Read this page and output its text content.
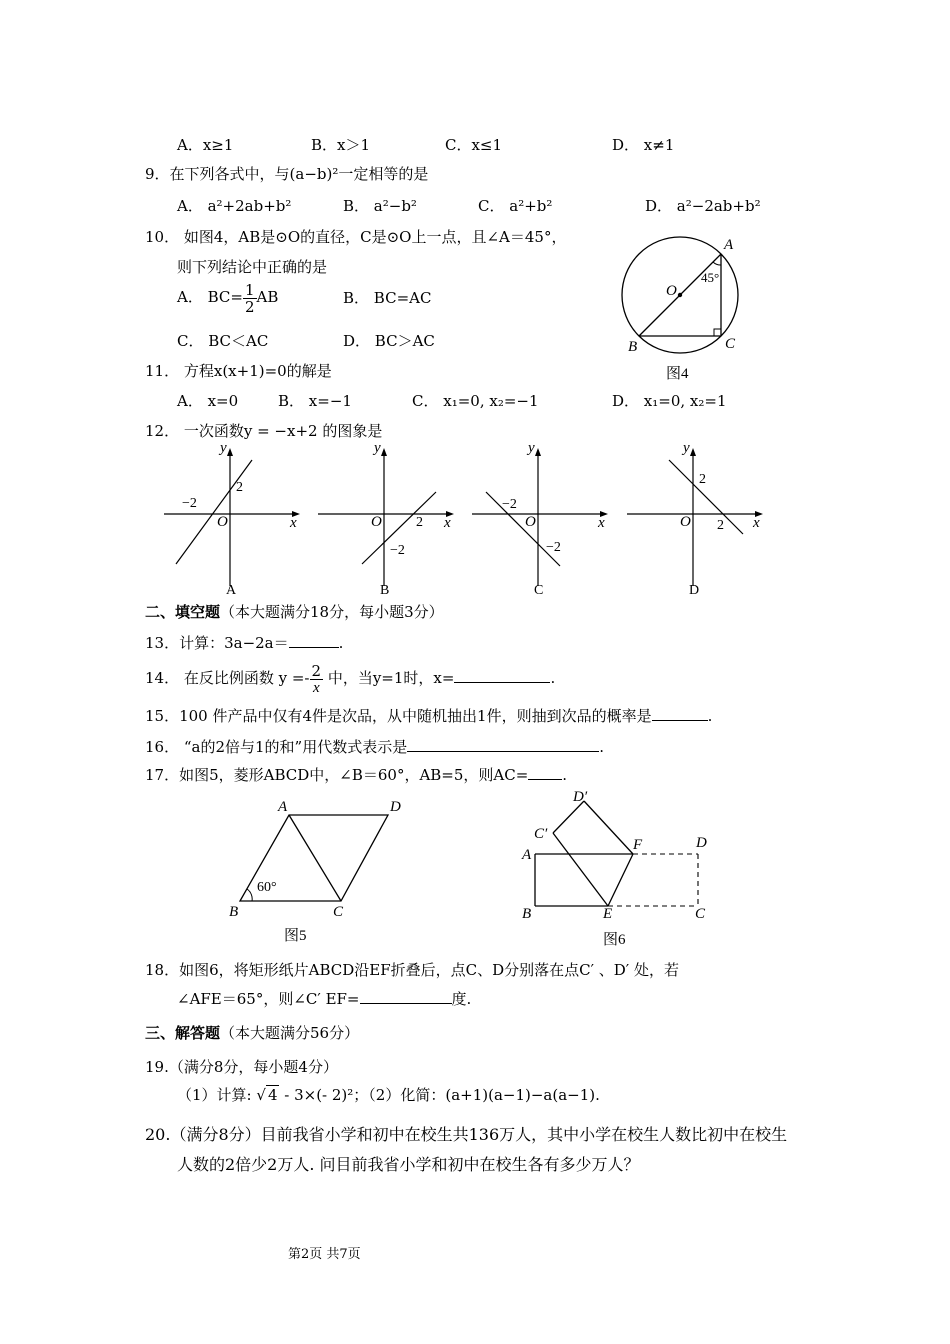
A．x≥1	B．x＞1	C．x≤1	D． x≠1
9．在下列各式中，与(a−b)²一定相等的是
A． a²+2ab+b²	B． a²−b²	C． a²+b²	D． a²−2ab+b²
10． 如图4，AB是⊙O的直径，C是⊙O上一点，且∠A＝45°，
则下列结论中正确的是
A． $BC= \frac{1}{2}$ AB	B． BC=AC
C． BC＜AC	D． BC＞AC
A
B	C
O
45°
图4
11． 方程x(x+1)=0的解是
A． x=0	B． x=−1	C． x₁=0, x₂=−1	D． x₁=0, x₂=1
12． 一次函数y = −x+2 的图象是
y
x
O
−2
2
A
y
x
O 2
−2
B
y
x
O
−2
−2
C
y
x
O
2
2
D
二、填空题（本大题满分18分，每小题3分）
13．计算：3a−2a＝	.
14． 在反比例函数 $y =- \frac{2}{x}$ 中，当y=1时，x=	.
15．100 件产品中仅有4件是次品，从中随机抽出1件，则抽到次品的概率是	.
16． “a的2倍与1的和”用代数式表示是	.
17．如图5，菱形ABCD中，∠B＝60°，AB=5，则AC= .
A	D
B	C
60°
图5
A
B	E	C
F	D
C′
D′
图6
18．如图6，将矩形纸片ABCD沿EF折叠后，点C、D分别落在点C′ 、D′ 处，若
∠AFE＝65°，则∠C′ EF=	度.
三、解答题（本大题满分56分）
19.（满分8分，每小题4分）
（1）计算: √ 4 - 3×(- 2)²；（2）化简：(a+1)(a−1)−a(a−1).
20.（满分8分）目前我省小学和初中在校生共136万人，其中小学在校生人数比初中在校生
人数的2倍少2万人. 问目前我省小学和初中在校生各有多少万人？
第2页 共7页
